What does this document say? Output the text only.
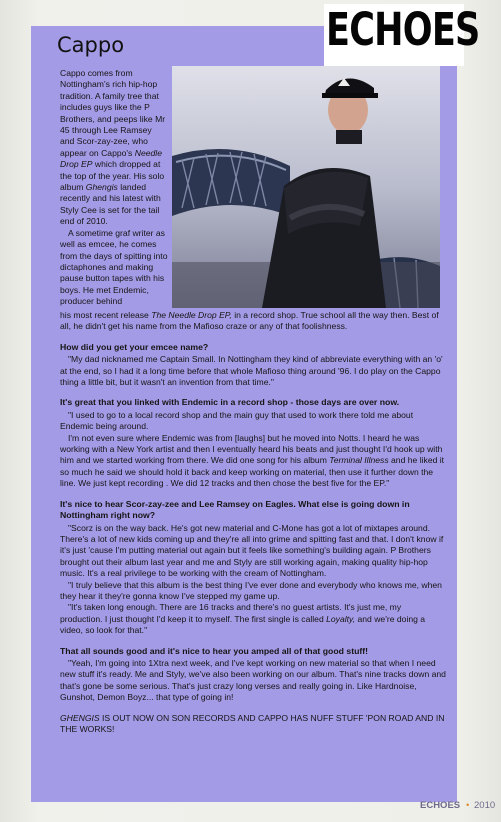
ECHOES
Cappo

Cappo comes from Nottingham's rich hip-hop tradition. A family tree that includes guys like the P Brothers, and peeps like Mr 45 through Lee Ramsey and Scor-zay-zee, who appear on Cappo's Needle Drop EP which dropped at the top of the year. His solo album Ghengis landed recently and his latest with Styly Cee is set for the tail end of 2010.

A sometime graf writer as well as emcee, he comes from the days of spitting into dictaphones and making pause button tapes with his boys. He met Endemic, producer behind

his most recent release The Needle Drop EP, in a record shop. True school all the way then. Best of all, he didn't get his name from the Mafioso craze or any of that foolishness.

How did you get your emcee name?

"My dad nicknamed me Captain Small. In Nottingham they kind of abbreviate everything with an 'o' at the end, so I had it a long time before that whole Mafioso thing around '96. I do play on the Cappo thing a little bit, but it wasn't an invention from that time."

It's great that you linked with Endemic in a record shop - those days are over now.

"I used to go to a local record shop and the main guy that used to work there told me about Endemic being around.

I'm not even sure where Endemic was from [laughs] but he moved into Notts. I heard he was working with a New York artist and then I eventually heard his beats and just thought I'd hook up with him and we started working from there. We did one song for his album Terminal Illness and he liked it so much he said we should hold it back and keep working on material, then use it further down the line. We just kept recording . We did 12 tracks and then chose the best five for the EP."

It's nice to hear Scor-zay-zee and Lee Ramsey on Eagles. What else is going down in Nottingham right now?

"Scorz is on the way back. He's got new material and C-Mone has got a lot of mixtapes around. There's a lot of new kids coming up and they're all into grime and spitting fast and that. I don't know if it's just 'cause I'm putting material out again but it feels like something's building again. P Brothers brought out their album last year and me and Styly are still working again, making quality hip-hop music. It's a real privilege to be working with the cream of Nottingham.

"I truly believe that this album is the best thing I've ever done and everybody who knows me, when they hear it they're gonna know I've stepped my game up.

"It's taken long enough. There are 16 tracks and there's no guest artists. It's just me, my production. I just thought I'd keep it to myself. The first single is called Loyalty, and we're doing a video, so look for that."

That all sounds good and it's nice to hear you amped all of that good stuff!

"Yeah, I'm going into 1Xtra next week, and I've kept working on new material so that when I need new stuff it's ready. Me and Styly, we've also been working on our album. That's nine tracks down and that's gone be some serious. That's just crazy long verses and really going in. Like Hardnoise, Gunshot, Demon Boyz... that type of going in!

GHENGIS IS OUT NOW ON SON RECORDS AND CAPPO HAS NUFF STUFF 'PON ROAD AND IN THE WORKS!

ECHOES • 2010
